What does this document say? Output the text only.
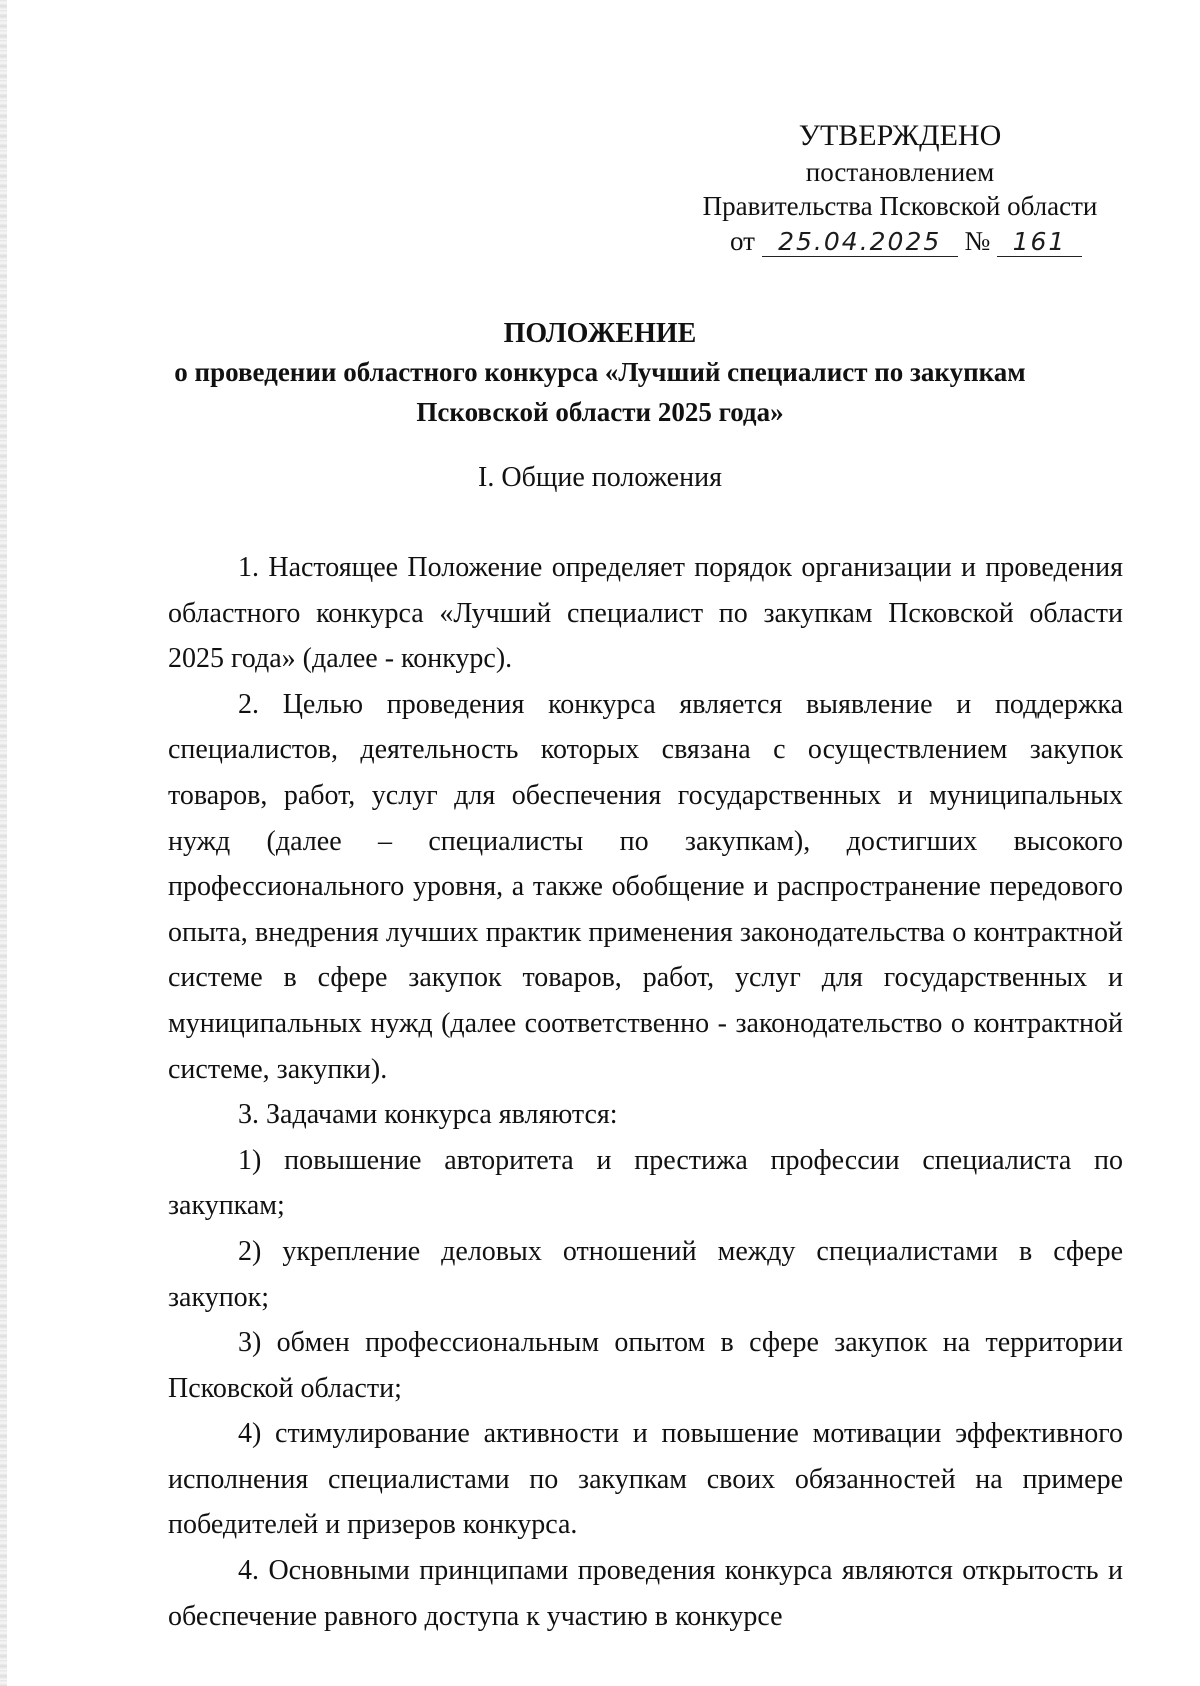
УТВЕРЖДЕНО
постановлением
Правительства Псковской области
от 25.04.2025 № 161
ПОЛОЖЕНИЕ
о проведении областного конкурса «Лучший специалист по закупкам
Псковской области 2025 года»
I. Общие положения

1. Настоящее Положение определяет порядок организации и проведения областного конкурса «Лучший специалист по закупкам Псковской области 2025 года» (далее - конкурс).

2. Целью проведения конкурса является выявление и поддержка специалистов, деятельность которых связана с осуществлением закупок товаров, работ, услуг для обеспечения государственных и муниципальных нужд (далее – специалисты по закупкам), достигших высокого профессионального уровня, а также обобщение и распространение передового опыта, внедрения лучших практик применения законодательства о контрактной системе в сфере закупок товаров, работ, услуг для государственных и муниципальных нужд (далее соответственно - законодательство о контрактной системе, закупки).

3. Задачами конкурса являются:

1) повышение авторитета и престижа профессии специалиста по закупкам;

2) укрепление деловых отношений между специалистами в сфере закупок;

3) обмен профессиональным опытом в сфере закупок на территории Псковской области;

4) стимулирование активности и повышение мотивации эффективного исполнения специалистами по закупкам своих обязанностей на примере победителей и призеров конкурса.

4. Основными принципами проведения конкурса являются открытость и обеспечение равного доступа к участию в конкурсе
